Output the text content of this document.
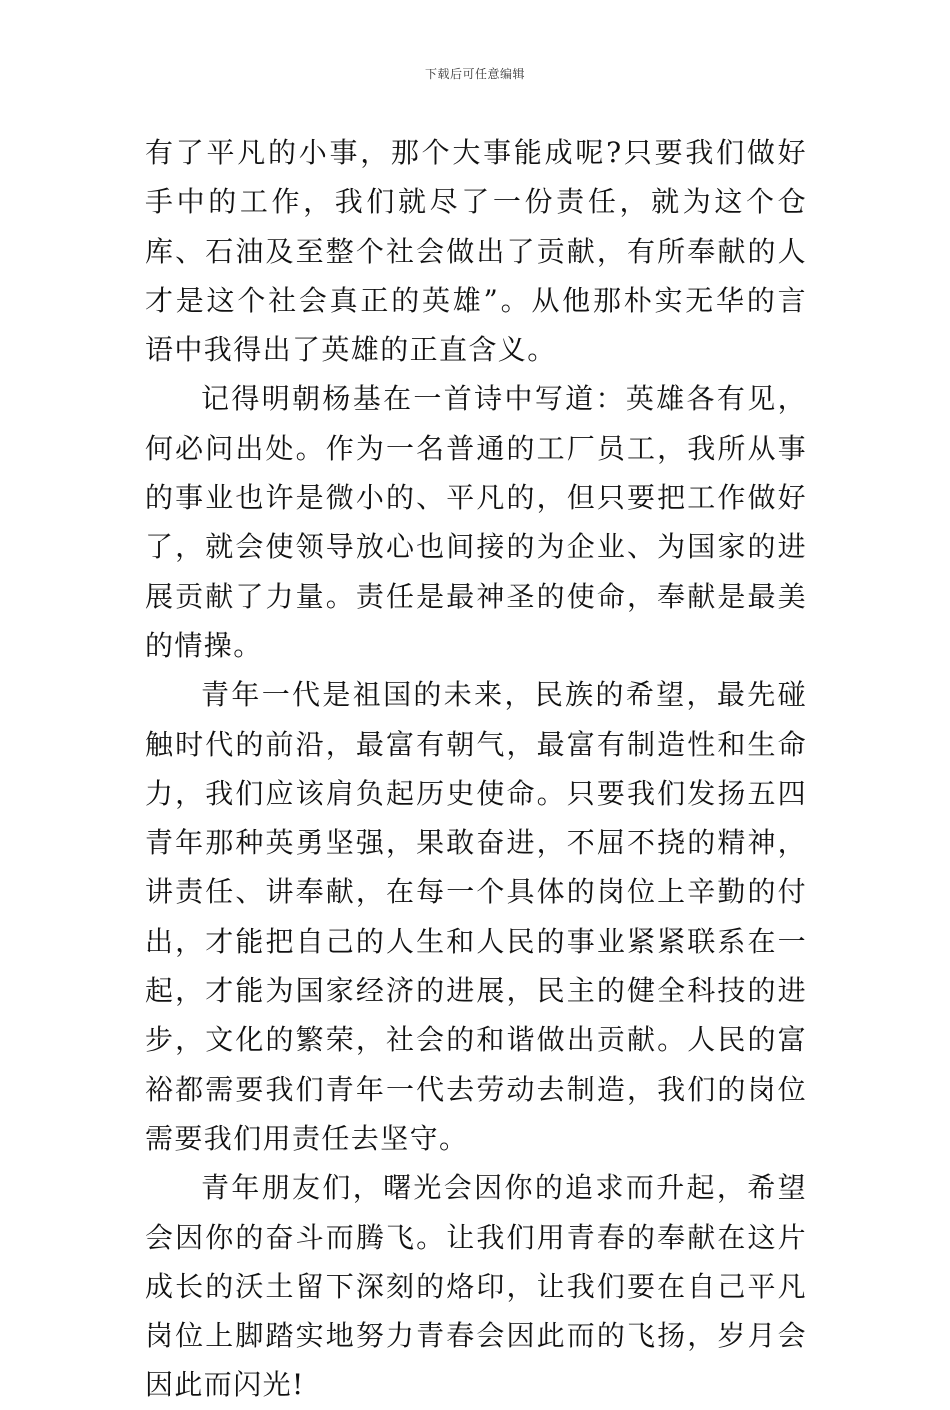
下载后可任意编辑

有了平凡的小事，那个大事能成呢?只要我们做好手中的工作，我们就尽了一份责任，就为这个仓库、石油及至整个社会做出了贡献，有所奉献的人才是这个社会真正的英雄”。从他那朴实无华的言语中我得出了英雄的正直含义。

记得明朝杨基在一首诗中写道：英雄各有见，何必问出处。作为一名普通的工厂员工，我所从事的事业也许是微小的、平凡的，但只要把工作做好了，就会使领导放心也间接的为企业、为国家的进展贡献了力量。责任是最神圣的使命，奉献是最美的情操。

青年一代是祖国的未来，民族的希望，最先碰触时代的前沿，最富有朝气，最富有制造性和生命力，我们应该肩负起历史使命。只要我们发扬五四青年那种英勇坚强，果敢奋进，不屈不挠的精神，讲责任、讲奉献，在每一个具体的岗位上辛勤的付出，才能把自己的人生和人民的事业紧紧联系在一起，才能为国家经济的进展，民主的健全科技的进步，文化的繁荣，社会的和谐做出贡献。人民的富裕都需要我们青年一代去劳动去制造，我们的岗位需要我们用责任去坚守。

青年朋友们，曙光会因你的追求而升起，希望会因你的奋斗而腾飞。让我们用青春的奉献在这片成长的沃土留下深刻的烙印，让我们要在自己平凡岗位上脚踏实地努力青春会因此而的飞扬，岁月会因此而闪光!
